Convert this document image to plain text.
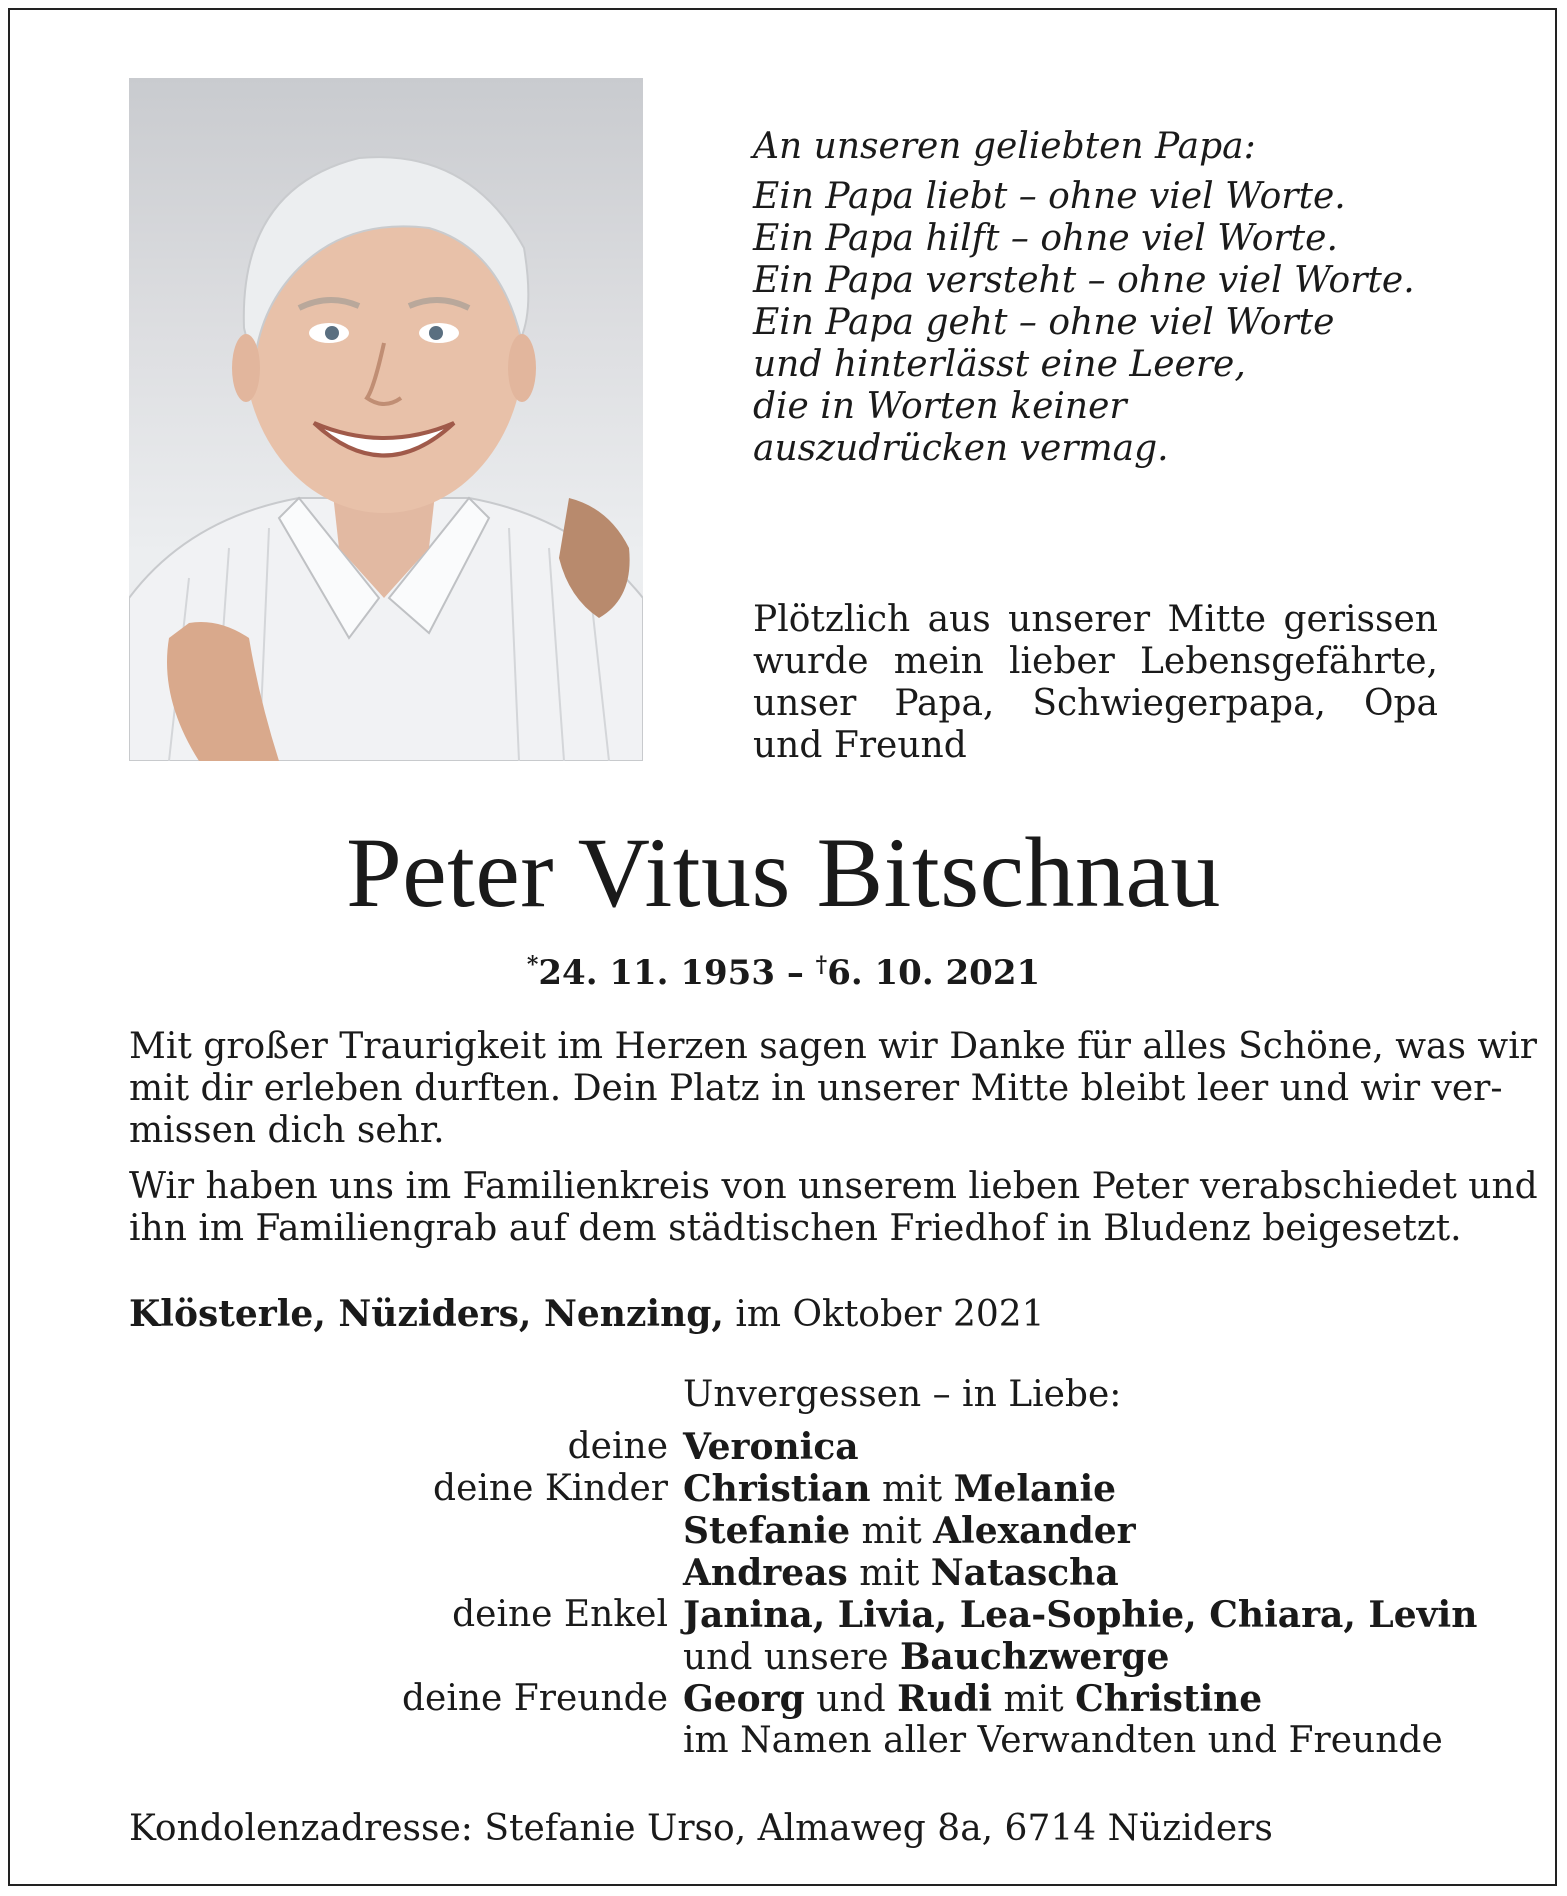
An unseren geliebten Papa:
Ein Papa liebt – ohne viel Worte.
Ein Papa hilft – ohne viel Worte.
Ein Papa versteht – ohne viel Worte.
Ein Papa geht – ohne viel Worte
und hinterlässt eine Leere,
die in Worten keiner
auszudrücken vermag.
Plötzlich aus unserer Mitte gerissen wurde mein lieber Lebensgefährte, unser Papa, Schwiegerpapa, Opa und Freund
Peter Vitus Bitschnau
*24. 11. 1953 – †6. 10. 2021
Mit großer Traurigkeit im Herzen sagen wir Danke für alles Schöne, was wir
mit dir erleben durften. Dein Platz in unserer Mitte bleibt leer und wir ver-
missen dich sehr.
Wir haben uns im Familienkreis von unserem lieben Peter verabschiedet und
ihn im Familiengrab auf dem städtischen Friedhof in Bludenz beigesetzt.
Klösterle, Nüziders, Nenzing, im Oktober 2021
Unvergessen – in Liebe:
deine Veronica
deine Kinder Christian mit Melanie
Stefanie mit Alexander
Andreas mit Natascha
deine Enkel Janina, Livia, Lea-Sophie, Chiara, Levin
und unsere Bauchzwerge
deine Freunde Georg und Rudi mit Christine
im Namen aller Verwandten und Freunde
Kondolenzadresse: Stefanie Urso, Almaweg 8a, 6714 Nüziders
